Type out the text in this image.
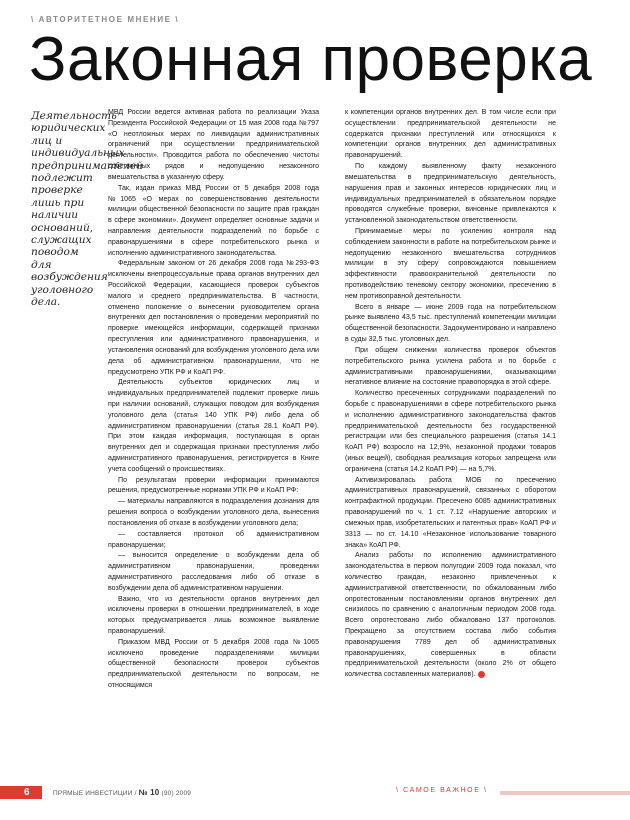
\ АВТОРИТЕТНОЕ МНЕНИЕ \
Законная проверка
Деятельность юридических лиц и индивидуальных предпринимателей подлежит проверке лишь при наличии оснований, служащих поводом для возбуждения уголовного дела.

МВД России ведется активная работа по реализации Указа Президента Российской Федерации от 15 мая 2008 года №797 «О неотложных мерах по ликвидации административных ограничений при осуществлении предпринимательской деятельности». Проводится работа по обеспечению чистоты собственных рядов и недопущению незаконного вмешательства в указанную сферу.

Так, издан приказ МВД России от 5 декабря 2008 года №1065 «О мерах по совершенствованию деятельности милиции общественной безопасности по защите прав граждан в сфере экономики». Документ определяет основные задачи и направления деятельности подразделений по борьбе с правонарушениями в сфере потребительского рынка и исполнению административного законодательства.

Федеральным законом от 26 декабря 2008 года №293-ФЗ исключены внепроцессуальные права органов внутренних дел Российской Федерации, касающиеся проверок субъектов малого и среднего предпринимательства. В частности, отменено положение о вынесении руководителем органа внутренних дел постановления о проведении мероприятий по проверке имеющейся информации, содержащей признаки преступления или административного правонарушения, и установления оснований для возбуждения уголовного дела или дела об административном правонарушении, что не предусмотрено УПК РФ и КоАП РФ.

Деятельность субъектов юридических лиц и индивидуальных предпринимателей подлежит проверке лишь при наличии оснований, служащих поводом для возбуждения уголовного дела (статья 140 УПК РФ) либо дела об административном правонарушении (статья 28.1 КоАП РФ). При этом каждая информация, поступающая в орган внутренних дел и содержащая признаки преступления либо административного правонарушения, регистрируется в Книге учета сообщений о происшествиях.

По результатам проверки информации принимаются решения, предусмотренные нормами УПК РФ и КоАП РФ:

— материалы направляются в подразделения дознания для решения вопроса о возбуждении уголовного дела, вынесения постановления об отказе в возбуждении уголовного дела;

— составляется протокол об административном правонарушении;

— выносится определение о возбуждении дела об административном правонарушении, проведении административного расследования либо об отказе в возбуждении дела об административном нарушении.

Важно, что из деятельности органов внутренних дел исключены проверки в отношении предпринимателей, в ходе которых предусматривается лишь возможное выявление правонарушений.

Приказом МВД России от 5 декабря 2008 года №1065 исключено проведение подразделениями милиции общественной безопасности проверок субъектов предпринимательской деятельности по вопросам, не относящимся

к компетенции органов внутренних дел. В том числе если при осуществлении предпринимательской деятельности не содержатся признаки преступлений или относящихся к компетенции органов внутренних дел административных правонарушений.

По каждому выявленному факту незаконного вмешательства в предпринимательскую деятельность, нарушения прав и законных интересов юридических лиц и индивидуальных предпринимателей в обязательном порядке проводятся служебные проверки, виновные привлекаются к установленной законодательством ответственности.

Принимаемые меры по усилению контроля над соблюдением законности в работе на потребительском рынке и недопущению незаконного вмешательства сотрудников милиции в эту сферу сопровождаются повышением эффективности правоохранительной деятельности по противодействию теневому сектору экономики, пресечению в нем противоправной деятельности.

Всего в январе — июне 2009 года на потребительском рынке выявлено 43,5 тыс. преступлений компетенции милиции общественной безопасности. Задокументировано и направлено в суды 32,5 тыс. уголовных дел.

При общем снижении количества проверок объектов потребительского рынка усилена работа и по борьбе с административными правонарушениями, оказывающими негативное влияние на состояние правопорядка в этой сфере.

Количество пресеченных сотрудниками подразделений по борьбе с правонарушениями в сфере потребительского рынка и исполнению административного законодательства фактов предпринимательской деятельности без государственной регистрации или без специального разрешения (статья 14.1 КоАП РФ) возросло на 12,9%, незаконной продажи товаров (иных вещей), свободная реализация которых запрещена или ограничена (статья 14.2 КоАП РФ) — на 5,7%.

Активизировалась работа МОБ по пресечению административных правонарушений, связанных с оборотом контрафактной продукции. Пресечено 6085 административных правонарушений по ч. 1 ст. 7.12 «Нарушение авторских и смежных прав, изобретательских и патентных прав» КоАП РФ и 3313 — по ст. 14.10 «Незаконное использование товарного знака» КоАП РФ.

Анализ работы по исполнению административного законодательства в первом полугодии 2009 года показал, что количество граждан, незаконно привлеченных к административной ответственности, по обжалованным либо опротестованным постановлениям органов внутренних дел снизилось по сравнению с аналогичным периодом 2008 года. Всего опротестовано либо обжаловано 137 протоколов. Прекращено за отсутствием состава либо события правонарушения 7789 дел об административных правонарушениях, совершенных в области предпринимательской деятельности (около 2% от общего количества составленных материалов).

6	ПРЯМЫЕ ИНВЕСТИЦИИ / № 10 (90) 2009	\ САМОЕ ВАЖНОЕ \
